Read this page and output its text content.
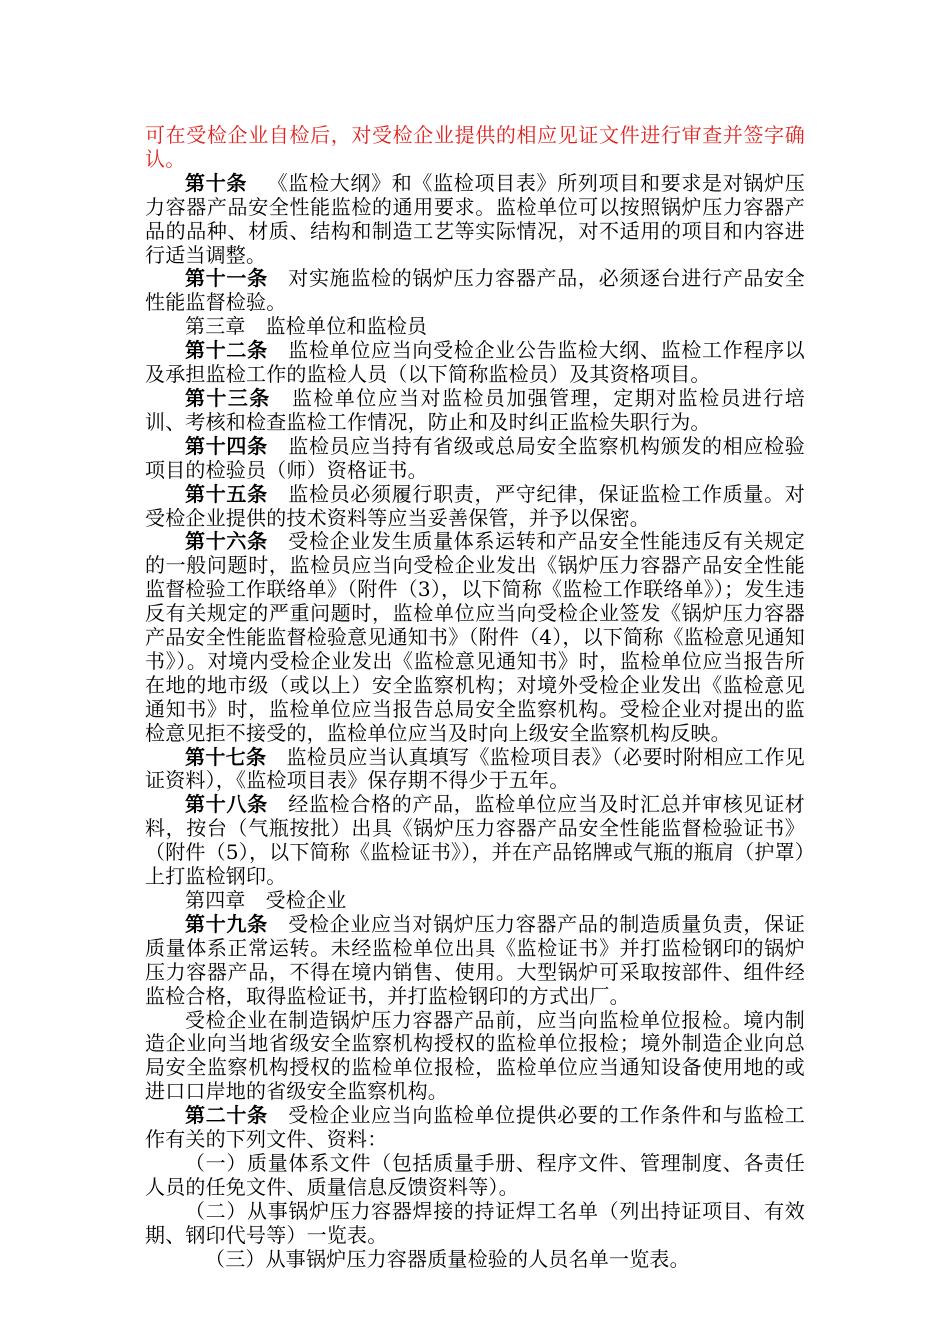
可在受检企业自检后，对受检企业提供的相应见证文件进行审查并签字确认。

第十条 《监检大纲》和《监检项目表》所列项目和要求是对锅炉压力容器产品安全性能监检的通用要求。监检单位可以按照锅炉压力容器产品的品种、材质、结构和制造工艺等实际情况，对不适用的项目和内容进行适当调整。

第十一条 对实施监检的锅炉压力容器产品，必须逐台进行产品安全性能监督检验。

第三章 监检单位和监检员

第十二条 监检单位应当向受检企业公告监检大纲、监检工作程序以及承担监检工作的监检人员（以下简称监检员）及其资格项目。

第十三条 监检单位应当对监检员加强管理，定期对监检员进行培训、考核和检查监检工作情况，防止和及时纠正监检失职行为。

第十四条 监检员应当持有省级或总局安全监察机构颁发的相应检验项目的检验员（师）资格证书。

第十五条 监检员必须履行职责，严守纪律，保证监检工作质量。对受检企业提供的技术资料等应当妥善保管，并予以保密。

第十六条 受检企业发生质量体系运转和产品安全性能违反有关规定的一般问题时，监检员应当向受检企业发出《锅炉压力容器产品安全性能监督检验工作联络单》（附件（3），以下简称《监检工作联络单》）；发生违反有关规定的严重问题时，监检单位应当向受检企业签发《锅炉压力容器产品安全性能监督检验意见通知书》（附件（4），以下简称《监检意见通知书》）。对境内受检企业发出《监检意见通知书》时，监检单位应当报告所在地的地市级（或以上）安全监察机构；对境外受检企业发出《监检意见通知书》时，监检单位应当报告总局安全监察机构。受检企业对提出的监检意见拒不接受的，监检单位应当及时向上级安全监察机构反映。

第十七条 监检员应当认真填写《监检项目表》（必要时附相应工作见证资料），《监检项目表》保存期不得少于五年。

第十八条 经监检合格的产品，监检单位应当及时汇总并审核见证材料，按台（气瓶按批）出具《锅炉压力容器产品安全性能监督检验证书》（附件（5），以下简称《监检证书》），并在产品铭牌或气瓶的瓶肩（护罩）上打监检钢印。

第四章 受检企业

第十九条 受检企业应当对锅炉压力容器产品的制造质量负责，保证质量体系正常运转。未经监检单位出具《监检证书》并打监检钢印的锅炉压力容器产品，不得在境内销售、使用。大型锅炉可采取按部件、组件经监检合格，取得监检证书，并打监检钢印的方式出厂。

受检企业在制造锅炉压力容器产品前，应当向监检单位报检。境内制造企业向当地省级安全监察机构授权的监检单位报检；境外制造企业向总局安全监察机构授权的监检单位报检，监检单位应当通知设备使用地的或进口口岸地的省级安全监察机构。

第二十条 受检企业应当向监检单位提供必要的工作条件和与监检工作有关的下列文件、资料：

（一）质量体系文件（包括质量手册、程序文件、管理制度、各责任人员的任免文件、质量信息反馈资料等）。

（二）从事锅炉压力容器焊接的持证焊工名单（列出持证项目、有效期、钢印代号等）一览表。

（三）从事锅炉压力容器质量检验的人员名单一览表。
